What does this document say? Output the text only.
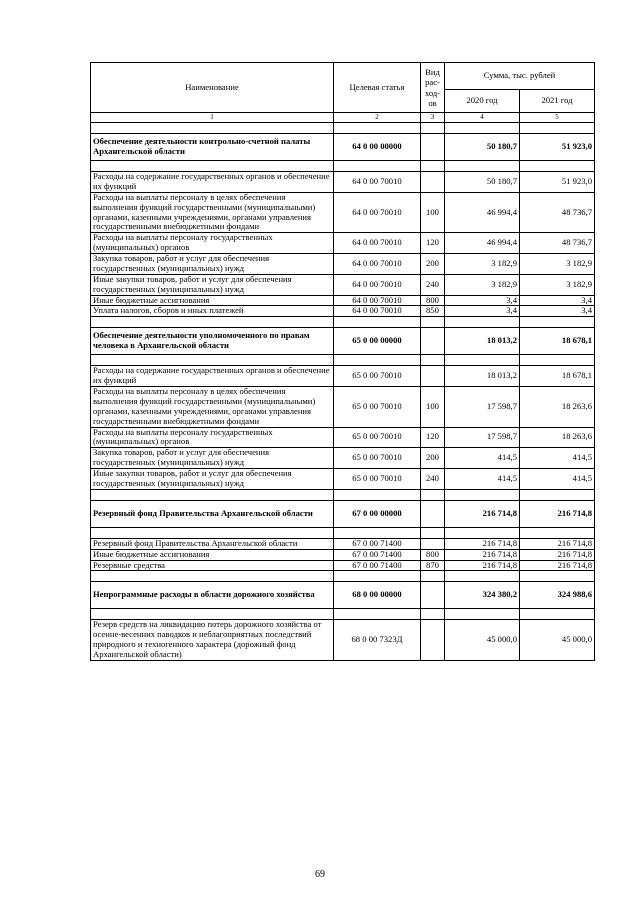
Наименование	Целевая статья	Вид рас-ход-ов	Сумма, тыс. рублей	
			2020 год	2021 год
1	2	3	4	5

Обеспечение деятельности контрольно-счетной палаты Архангельской области	64 0 00 00000		50 180,7	51 923,0

Расходы на содержание государственных органов и обеспечение их функций	64 0 00 70010		50 180,7	51 923,0
Расходы на выплаты персоналу в целях обеспечения выполнения функций государственными (муниципальными) органами, казенными учреждениями, органами управления государственными внебюджетными фондами	64 0 00 70010	100	46 994,4	48 736,7
Расходы на выплаты персоналу государственных (муниципальных) органов	64 0 00 70010	120	46 994,4	48 736,7
Закупка товаров, работ и услуг для обеспечения государственных (муниципальных) нужд	64 0 00 70010	200	3 182,9	3 182,9
Иные закупки товаров, работ и услуг для обеспечения государственных (муниципальных) нужд	64 0 00 70010	240	3 182,9	3 182,9
Иные бюджетные ассигнования	64 0 00 70010	800	3,4	3,4
Уплата налогов, сборов и иных платежей	64 0 00 70010	850	3,4	3,4

Обеспечение деятельности уполномоченного по правам человека в Архангельской области	65 0 00 00000		18 013,2	18 678,1

Расходы на содержание государственных органов и обеспечение их функций	65 0 00 70010		18 013,2	18 678,1
Расходы на выплаты персоналу в целях обеспечения выполнения функций государственными (муниципальными) органами, казенными учреждениями, органами управления государственными внебюджетными фондами	65 0 00 70010	100	17 598,7	18 263,6
Расходы на выплаты персоналу государственных (муниципальных) органов	65 0 00 70010	120	17 598,7	18 263,6
Закупка товаров, работ и услуг для обеспечения государственных (муниципальных) нужд	65 0 00 70010	200	414,5	414,5
Иные закупки товаров, работ и услуг для обеспечения государственных (муниципальных) нужд	65 0 00 70010	240	414,5	414,5

Резервный фонд Правительства Архангельской области	67 0 00 00000		216 714,8	216 714,8

Резервный фонд Правительства Архангельской области	67 0 00 71400		216 714,8	216 714,8
Иные бюджетные ассигнования	67 0 00 71400	800	216 714,8	216 714,8
Резервные средства	67 0 00 71400	870	216 714,8	216 714,8

Непрограммные расходы в области дорожного хозяйства	68 0 00 00000		324 380,2	324 988,6

Резерв средств на ликвидацию потерь дорожного хозяйства от осенне-весенних паводков и неблагоприятных последствий природного и техногенного характера (дорожный фонд Архангельской области)	68 0 00 7323Д		45 000,0	45 000,0
69
